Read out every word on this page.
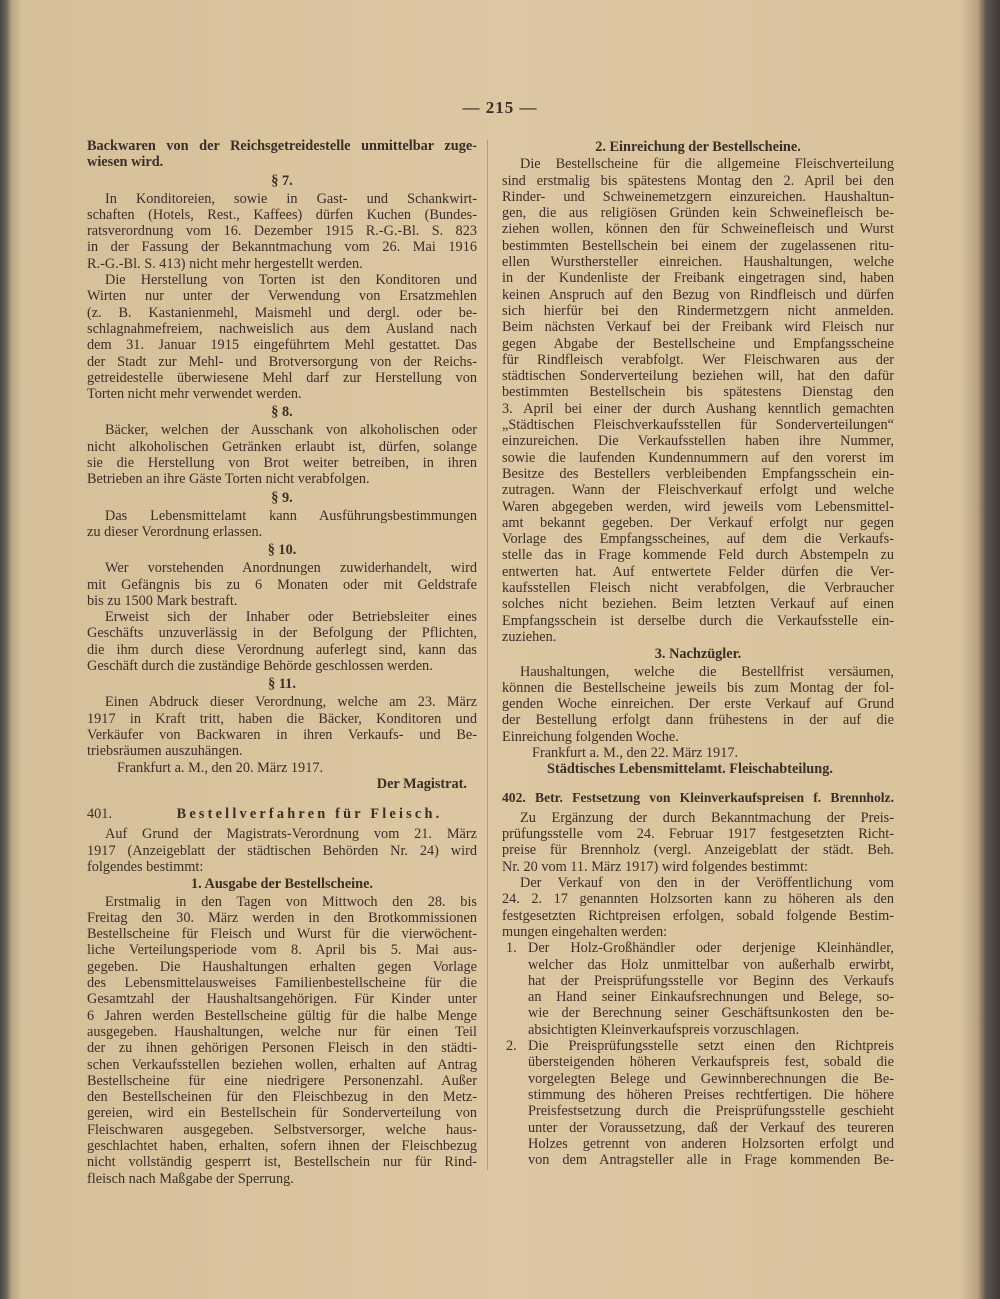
— 215 —
Backwaren von der Reichsgetreidestelle unmittelbar zuge-
wiesen wird.
§ 7.
In Konditoreien, sowie in Gast- und Schankwirt-
schaften (Hotels, Rest., Kaffees) dürfen Kuchen (Bundes-
ratsverordnung vom 16. Dezember 1915 R.-G.-Bl. S. 823
in der Fassung der Bekanntmachung vom 26. Mai 1916
R.-G.-Bl. S. 413) nicht mehr hergestellt werden.
Die Herstellung von Torten ist den Konditoren und
Wirten nur unter der Verwendung von Ersatzmehlen
(z. B. Kastanienmehl, Maismehl und dergl. oder be-
schlagnahmefreiem, nachweislich aus dem Ausland nach
dem 31. Januar 1915 eingeführtem Mehl gestattet. Das
der Stadt zur Mehl- und Brotversorgung von der Reichs-
getreidestelle überwiesene Mehl darf zur Herstellung von
Torten nicht mehr verwendet werden.
§ 8.
Bäcker, welchen der Ausschank von alkoholischen oder
nicht alkoholischen Getränken erlaubt ist, dürfen, solange
sie die Herstellung von Brot weiter betreiben, in ihren
Betrieben an ihre Gäste Torten nicht verabfolgen.
§ 9.
Das Lebensmittelamt kann Ausführungsbestimmungen
zu dieser Verordnung erlassen.
§ 10.
Wer vorstehenden Anordnungen zuwiderhandelt, wird
mit Gefängnis bis zu 6 Monaten oder mit Geldstrafe
bis zu 1500 Mark bestraft.
Erweist sich der Inhaber oder Betriebsleiter eines
Geschäfts unzuverlässig in der Befolgung der Pflichten,
die ihm durch diese Verordnung auferlegt sind, kann das
Geschäft durch die zuständige Behörde geschlossen werden.
§ 11.
Einen Abdruck dieser Verordnung, welche am 23. März
1917 in Kraft tritt, haben die Bäcker, Konditoren und
Verkäufer von Backwaren in ihren Verkaufs- und Be-
triebsräumen auszuhängen.
Frankfurt a. M., den 20. März 1917.
Der Magistrat.
401.	Bestellverfahren für Fleisch.
Auf Grund der Magistrats-Verordnung vom 21. März
1917 (Anzeigeblatt der städtischen Behörden Nr. 24) wird
folgendes bestimmt:
1. Ausgabe der Bestellscheine.
Erstmalig in den Tagen von Mittwoch den 28. bis
Freitag den 30. März werden in den Brotkommissionen
Bestellscheine für Fleisch und Wurst für die vierwöchent-
liche Verteilungsperiode vom 8. April bis 5. Mai aus-
gegeben. Die Haushaltungen erhalten gegen Vorlage
des Lebensmittelausweises Familienbestellscheine für die
Gesamtzahl der Haushaltsangehörigen. Für Kinder unter
6 Jahren werden Bestellscheine gültig für die halbe Menge
ausgegeben. Haushaltungen, welche nur für einen Teil
der zu ihnen gehörigen Personen Fleisch in den städti-
schen Verkaufsstellen beziehen wollen, erhalten auf Antrag
Bestellscheine für eine niedrigere Personenzahl. Außer
den Bestellscheinen für den Fleischbezug in den Metz-
gereien, wird ein Bestellschein für Sonderverteilung von
Fleischwaren ausgegeben. Selbstversorger, welche haus-
geschlachtet haben, erhalten, sofern ihnen der Fleischbezug
nicht vollständig gesperrt ist, Bestellschein nur für Rind-
fleisch nach Maßgabe der Sperrung.
2. Einreichung der Bestellscheine.
Die Bestellscheine für die allgemeine Fleischverteilung
sind erstmalig bis spätestens Montag den 2. April bei den
Rinder- und Schweinemetzgern einzureichen. Haushaltun-
gen, die aus religiösen Gründen kein Schweinefleisch be-
ziehen wollen, können den für Schweinefleisch und Wurst
bestimmten Bestellschein bei einem der zugelassenen ritu-
ellen Wursthersteller einreichen. Haushaltungen, welche
in der Kundenliste der Freibank eingetragen sind, haben
keinen Anspruch auf den Bezug von Rindfleisch und dürfen
sich hierfür bei den Rindermetzgern nicht anmelden.
Beim nächsten Verkauf bei der Freibank wird Fleisch nur
gegen Abgabe der Bestellscheine und Empfangsscheine
für Rindfleisch verabfolgt. Wer Fleischwaren aus der
städtischen Sonderverteilung beziehen will, hat den dafür
bestimmten Bestellschein bis spätestens Dienstag den
3. April bei einer der durch Aushang kenntlich gemachten
„Städtischen Fleischverkaufsstellen für Sonderverteilungen“
einzureichen. Die Verkaufsstellen haben ihre Nummer,
sowie die laufenden Kundennummern auf den vorerst im
Besitze des Bestellers verbleibenden Empfangsschein ein-
zutragen. Wann der Fleischverkauf erfolgt und welche
Waren abgegeben werden, wird jeweils vom Lebensmittel-
amt bekannt gegeben. Der Verkauf erfolgt nur gegen
Vorlage des Empfangsscheines, auf dem die Verkaufs-
stelle das in Frage kommende Feld durch Abstempeln zu
entwerten hat. Auf entwertete Felder dürfen die Ver-
kaufsstellen Fleisch nicht verabfolgen, die Verbraucher
solches nicht beziehen. Beim letzten Verkauf auf einen
Empfangsschein ist derselbe durch die Verkaufsstelle ein-
zuziehen.
3. Nachzügler.
Haushaltungen, welche die Bestellfrist versäumen,
können die Bestellscheine jeweils bis zum Montag der fol-
genden Woche einreichen. Der erste Verkauf auf Grund
der Bestellung erfolgt dann frühestens in der auf die
Einreichung folgenden Woche.
Frankfurt a. M., den 22. März 1917.
Städtisches Lebensmittelamt. Fleischabteilung.
402. Betr. Festsetzung von Kleinverkaufspreisen f. Brennholz.
Zu Ergänzung der durch Bekanntmachung der Preis-
prüfungsstelle vom 24. Februar 1917 festgesetzten Richt-
preise für Brennholz (vergl. Anzeigeblatt der städt. Beh.
Nr. 20 vom 11. März 1917) wird folgendes bestimmt:
Der Verkauf von den in der Veröffentlichung vom
24. 2. 17 genannten Holzsorten kann zu höheren als den
festgesetzten Richtpreisen erfolgen, sobald folgende Bestim-
mungen eingehalten werden:
1. Der Holz-Großhändler oder derjenige Kleinhändler,
welcher das Holz unmittelbar von außerhalb erwirbt,
hat der Preisprüfungsstelle vor Beginn des Verkaufs
an Hand seiner Einkaufsrechnungen und Belege, so-
wie der Berechnung seiner Geschäftsunkosten den be-
absichtigten Kleinverkaufspreis vorzuschlagen.
2. Die Preisprüfungsstelle setzt einen den Richtpreis
übersteigenden höheren Verkaufspreis fest, sobald die
vorgelegten Belege und Gewinnberechnungen die Be-
stimmung des höheren Preises rechtfertigen. Die höhere
Preisfestsetzung durch die Preisprüfungsstelle geschieht
unter der Voraussetzung, daß der Verkauf des teureren
Holzes getrennt von anderen Holzsorten erfolgt und
von dem Antragsteller alle in Frage kommenden Be-
